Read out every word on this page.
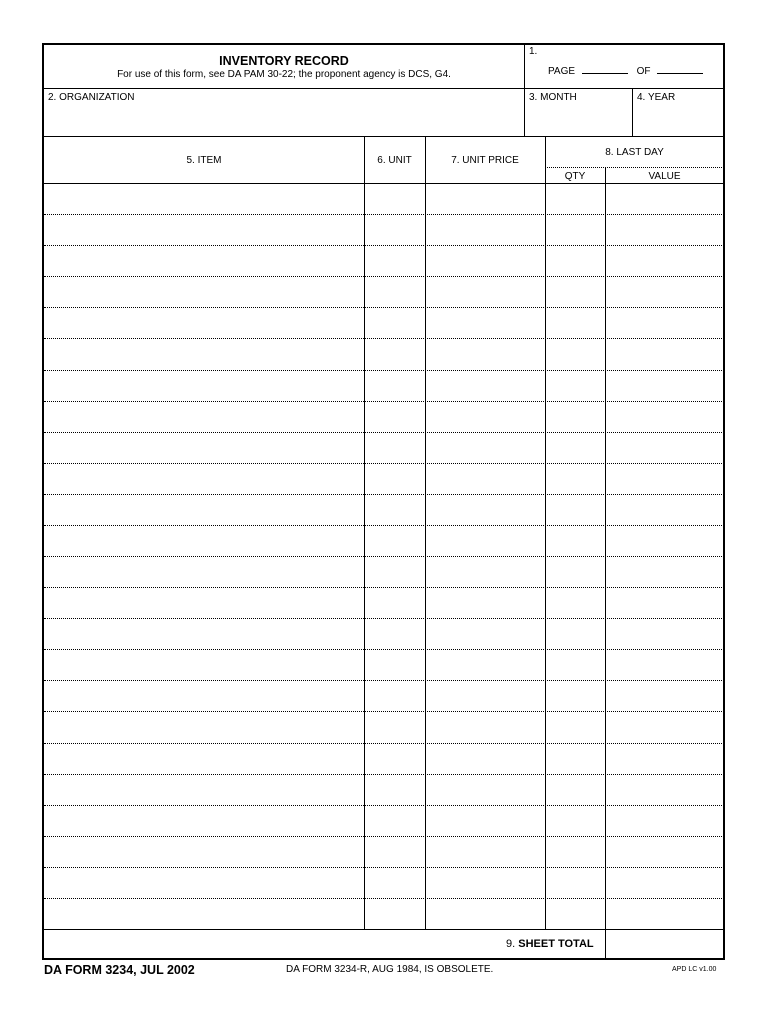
INVENTORY RECORD
For use of this form, see DA PAM 30-22; the proponent agency is DCS, G4.
1.
PAGE	OF
2. ORGANIZATION	3. MONTH	4. YEAR
5. ITEM	6. UNIT	7. UNIT PRICE
8. LAST DAY
QTY	VALUE
9. SHEET TOTAL
DA FORM 3234, JUL 2002	DA FORM 3234-R, AUG 1984, IS OBSOLETE.	APD LC v1.00
